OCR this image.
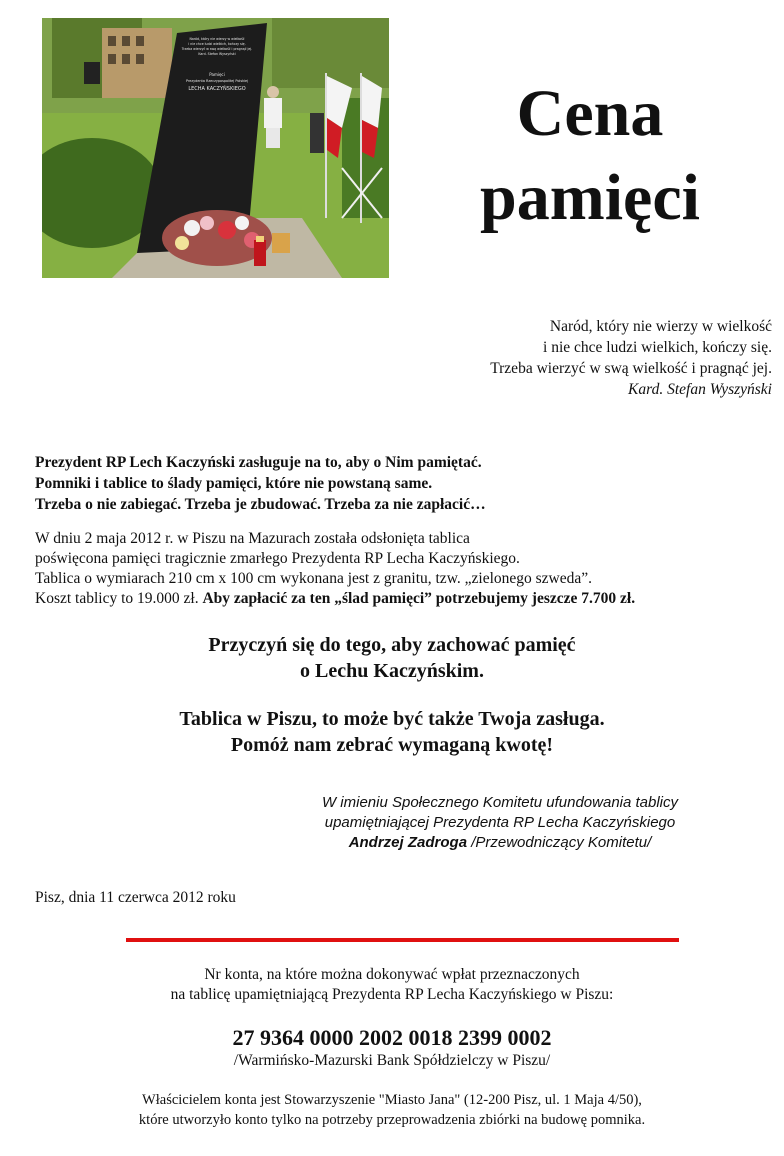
Naród, który nie wierzy w wielkość
i nie chce ludzi wielkich, kończy się.
Trzeba wierzyć w swą wielkość i pragnąć jej.
Kard. Stefan Wyszyński
Pamięci
Prezydenta Rzeczypospolitej Polskiej
LECHA KACZYŃSKIEGO	Cena
pamięci
Naród, który nie wierzy w wielkość
i nie chce ludzi wielkich, kończy się.
Trzeba wierzyć w swą wielkość i pragnąć jej.
Kard. Stefan Wyszyński
Prezydent RP Lech Kaczyński zasługuje na to, aby o Nim pamiętać.
Pomniki i tablice to ślady pamięci, które nie powstaną same.
Trzeba o nie zabiegać. Trzeba je zbudować. Trzeba za nie zapłacić…
W dniu 2 maja 2012 r. w Piszu na Mazurach została odsłonięta tablica
poświęcona pamięci tragicznie zmarłego Prezydenta RP Lecha Kaczyńskiego.
Tablica o wymiarach 210 cm x 100 cm wykonana jest z granitu, tzw. „zielonego szweda”.
Koszt tablicy to 19.000 zł. Aby zapłacić za ten „ślad pamięci” potrzebujemy jeszcze 7.700 zł.
Przyczyń się do tego, aby zachować pamięć
o Lechu Kaczyńskim.
Tablica w Piszu, to może być także Twoja zasługa.
Pomóż nam zebrać wymaganą kwotę!
W imieniu Społecznego Komitetu ufundowania tablicy
upamiętniającej Prezydenta RP Lecha Kaczyńskiego
Andrzej Zadroga /Przewodniczący Komitetu/
Pisz, dnia 11 czerwca 2012 roku
Nr konta, na które można dokonywać wpłat przeznaczonych
na tablicę upamiętniającą Prezydenta RP Lecha Kaczyńskiego w Piszu:
27 9364 0000 2002 0018 2399 0002
/Warmińsko-Mazurski Bank Spółdzielczy w Piszu/
Właścicielem konta jest Stowarzyszenie "Miasto Jana" (12-200 Pisz, ul. 1 Maja 4/50),
które utworzyło konto tylko na potrzeby przeprowadzenia zbiórki na budowę pomnika.
